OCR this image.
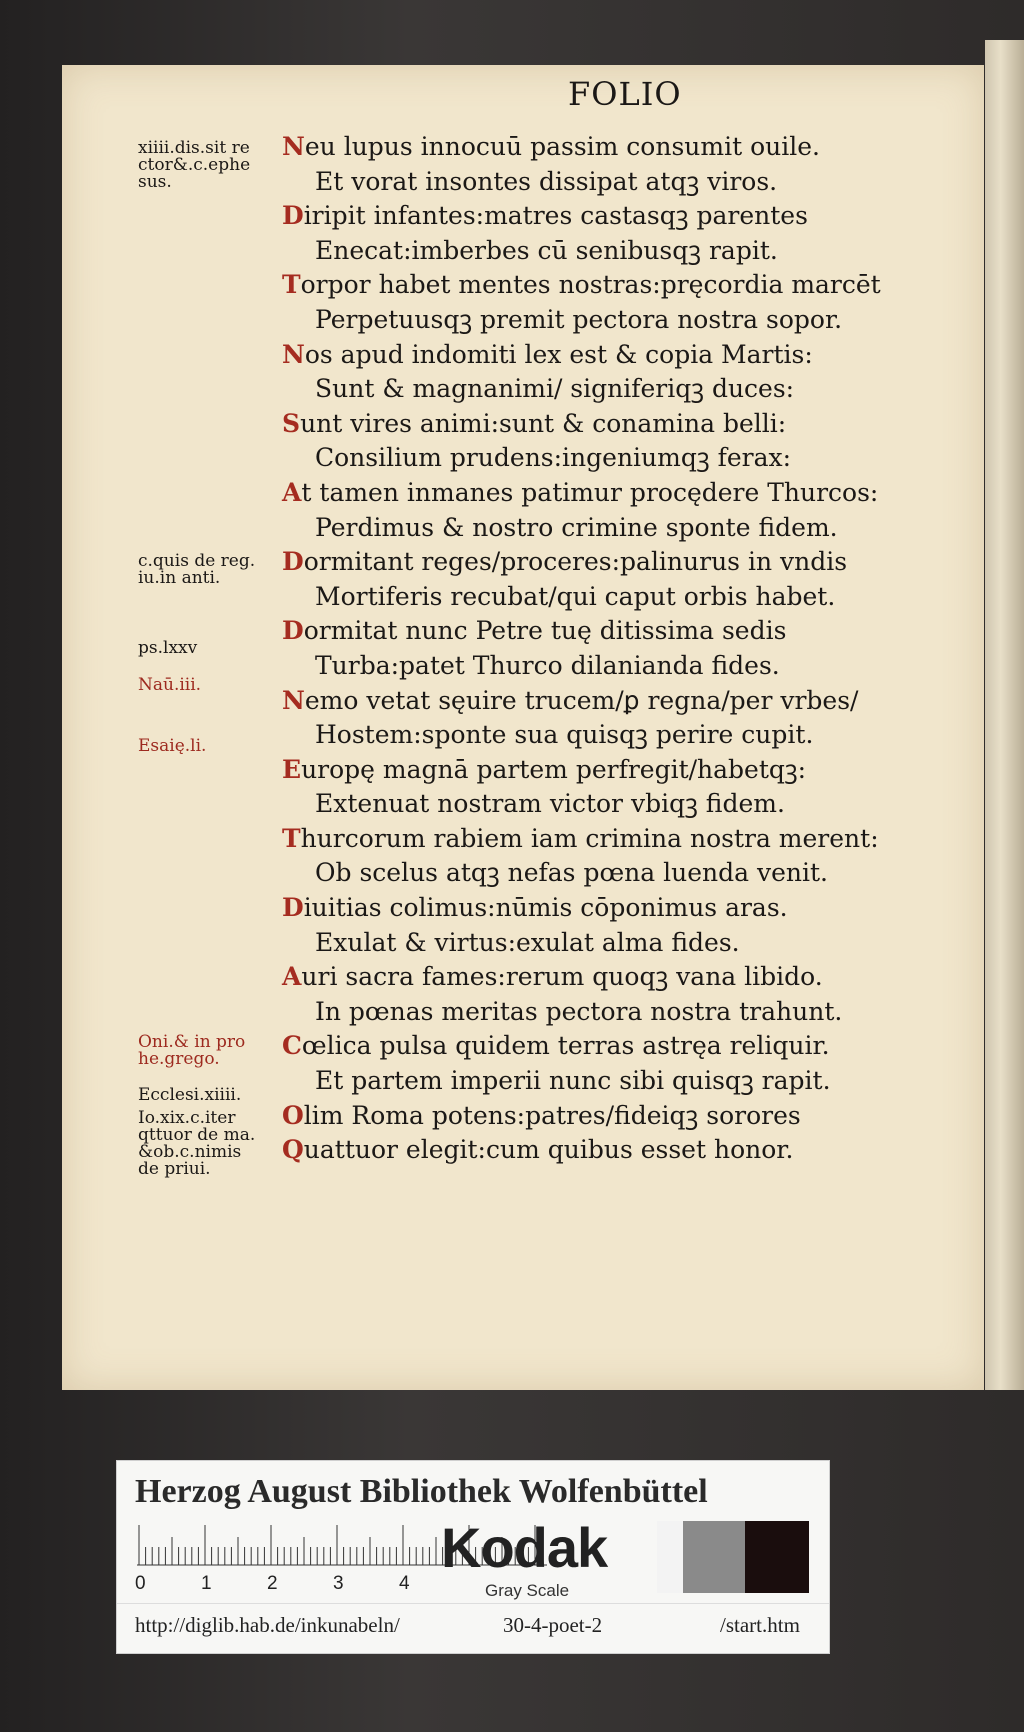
FOLIO
xiiii.dis.sit re
ctor&.c.ephe
sus.
c.quis de reg.
iu.in anti.
ps.lxxv
Naū.iii.
Esaię.li.
Oni.& in pro
he.grego.
Ecclesi.xiiii.
Io.xix.c.iter
qttuor de ma.
&ob.c.nimis
de priui.
Neu lupus innocuū passim consumit ouile.
Et vorat insontes dissipat atqꝫ viros.
Diripit infantes:matres castasqꝫ parentes
Enecat:imberbes cū senibusqꝫ rapit.
Torpor habet mentes nostras:pręcordia marcēt
Perpetuusqꝫ premit pectora nostra sopor.
Nos apud indomiti lex est & copia Martis:
Sunt & magnanimi/ signiferiqꝫ duces:
Sunt vires animi:sunt & conamina belli:
Consilium prudens:ingeniumqꝫ ferax:
At tamen inmanes patimur procędere Thurcos:
Perdimus & nostro crimine sponte fidem.
Dormitant reges/proceres:palinurus in vndis
Mortiferis recubat/qui caput orbis habet.
Dormitat nunc Petre tuę ditissima sedis
Turba:patet Thurco dilanianda fides.
Nemo vetat sęuire trucem/ꝑ regna/per vrbes/
Hostem:sponte sua quisqꝫ perire cupit.
Europę magnā partem perfregit/habetqꝫ:
Extenuat nostram victor vbiqꝫ fidem.
Thurcorum rabiem iam crimina nostra merent:
Ob scelus atqꝫ nefas pœna luenda venit.
Diuitias colimus:nūmis cōponimus aras.
Exulat & virtus:exulat alma fides.
Auri sacra fames:rerum quoqꝫ vana libido.
In pœnas meritas pectora nostra trahunt.
Cœlica pulsa quidem terras astręa reliquir.
Et partem imperii nunc sibi quisqꝫ rapit.
Olim Roma potens:patres/fideiqꝫ sorores
Quattuor elegit:cum quibus esset honor.
Herzog August Bibliothek Wolfenbüttel
0	1	2	3	4
Kodak
Gray Scale
http://diglib.hab.de/inkunabeln/	30-4-poet-2	/start.htm
